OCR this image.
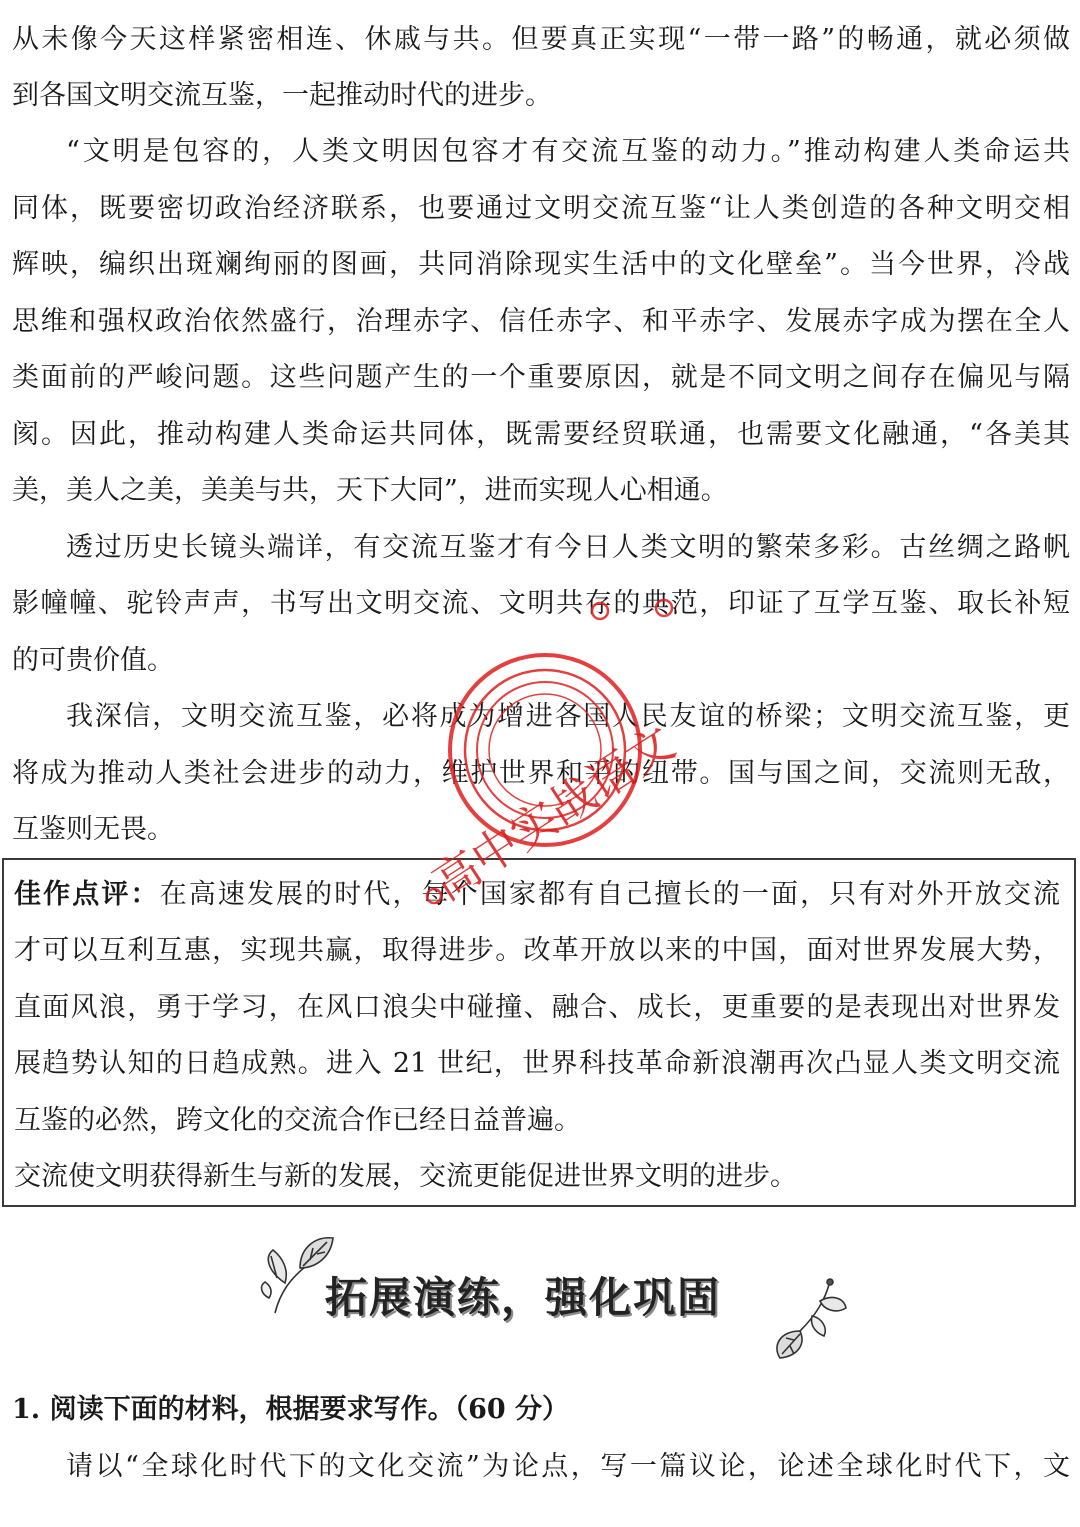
从未像今天这样紧密相连、休戚与共。但要真正实现“一带一路”的畅通，就必须做
到各国文明交流互鉴，一起推动时代的进步。
“文明是包容的，人类文明因包容才有交流互鉴的动力。”推动构建人类命运共
同体，既要密切政治经济联系，也要通过文明交流互鉴“让人类创造的各种文明交相
辉映，编织出斑斓绚丽的图画，共同消除现实生活中的文化壁垒”。当今世界，冷战
思维和强权政治依然盛行，治理赤字、信任赤字、和平赤字、发展赤字成为摆在全人
类面前的严峻问题。这些问题产生的一个重要原因，就是不同文明之间存在偏见与隔
阂。因此，推动构建人类命运共同体，既需要经贸联通，也需要文化融通，“各美其
美，美人之美，美美与共，天下大同”，进而实现人心相通。
透过历史长镜头端详，有交流互鉴才有今日人类文明的繁荣多彩。古丝绸之路帆
影幢幢、驼铃声声，书写出文明交流、文明共存的典范，印证了互学互鉴、取长补短
的可贵价值。
我深信，文明交流互鉴，必将成为增进各国人民友谊的桥梁；文明交流互鉴，更
将成为推动人类社会进步的动力，维护世界和平的纽带。国与国之间，交流则无敌，
互鉴则无畏。
佳作点评：在高速发展的时代，每个国家都有自己擅长的一面，只有对外开放交流
才可以互利互惠，实现共赢，取得进步。改革开放以来的中国，面对世界发展大势，
直面风浪，勇于学习，在风口浪尖中碰撞、融合、成长，更重要的是表现出对世界发
展趋势认知的日趋成熟。进入 21 世纪，世界科技革命新浪潮再次凸显人类文明交流
互鉴的必然，跨文化的交流合作已经日益普遍。
交流使文明获得新生与新的发展，交流更能促进世界文明的进步。
拓展演练，强化巩固
1. 阅读下面的材料，根据要求写作。（60 分）
请以“全球化时代下的文化交流”为论点，写一篇议论，论述全球化时代下，文
高中实战语文
